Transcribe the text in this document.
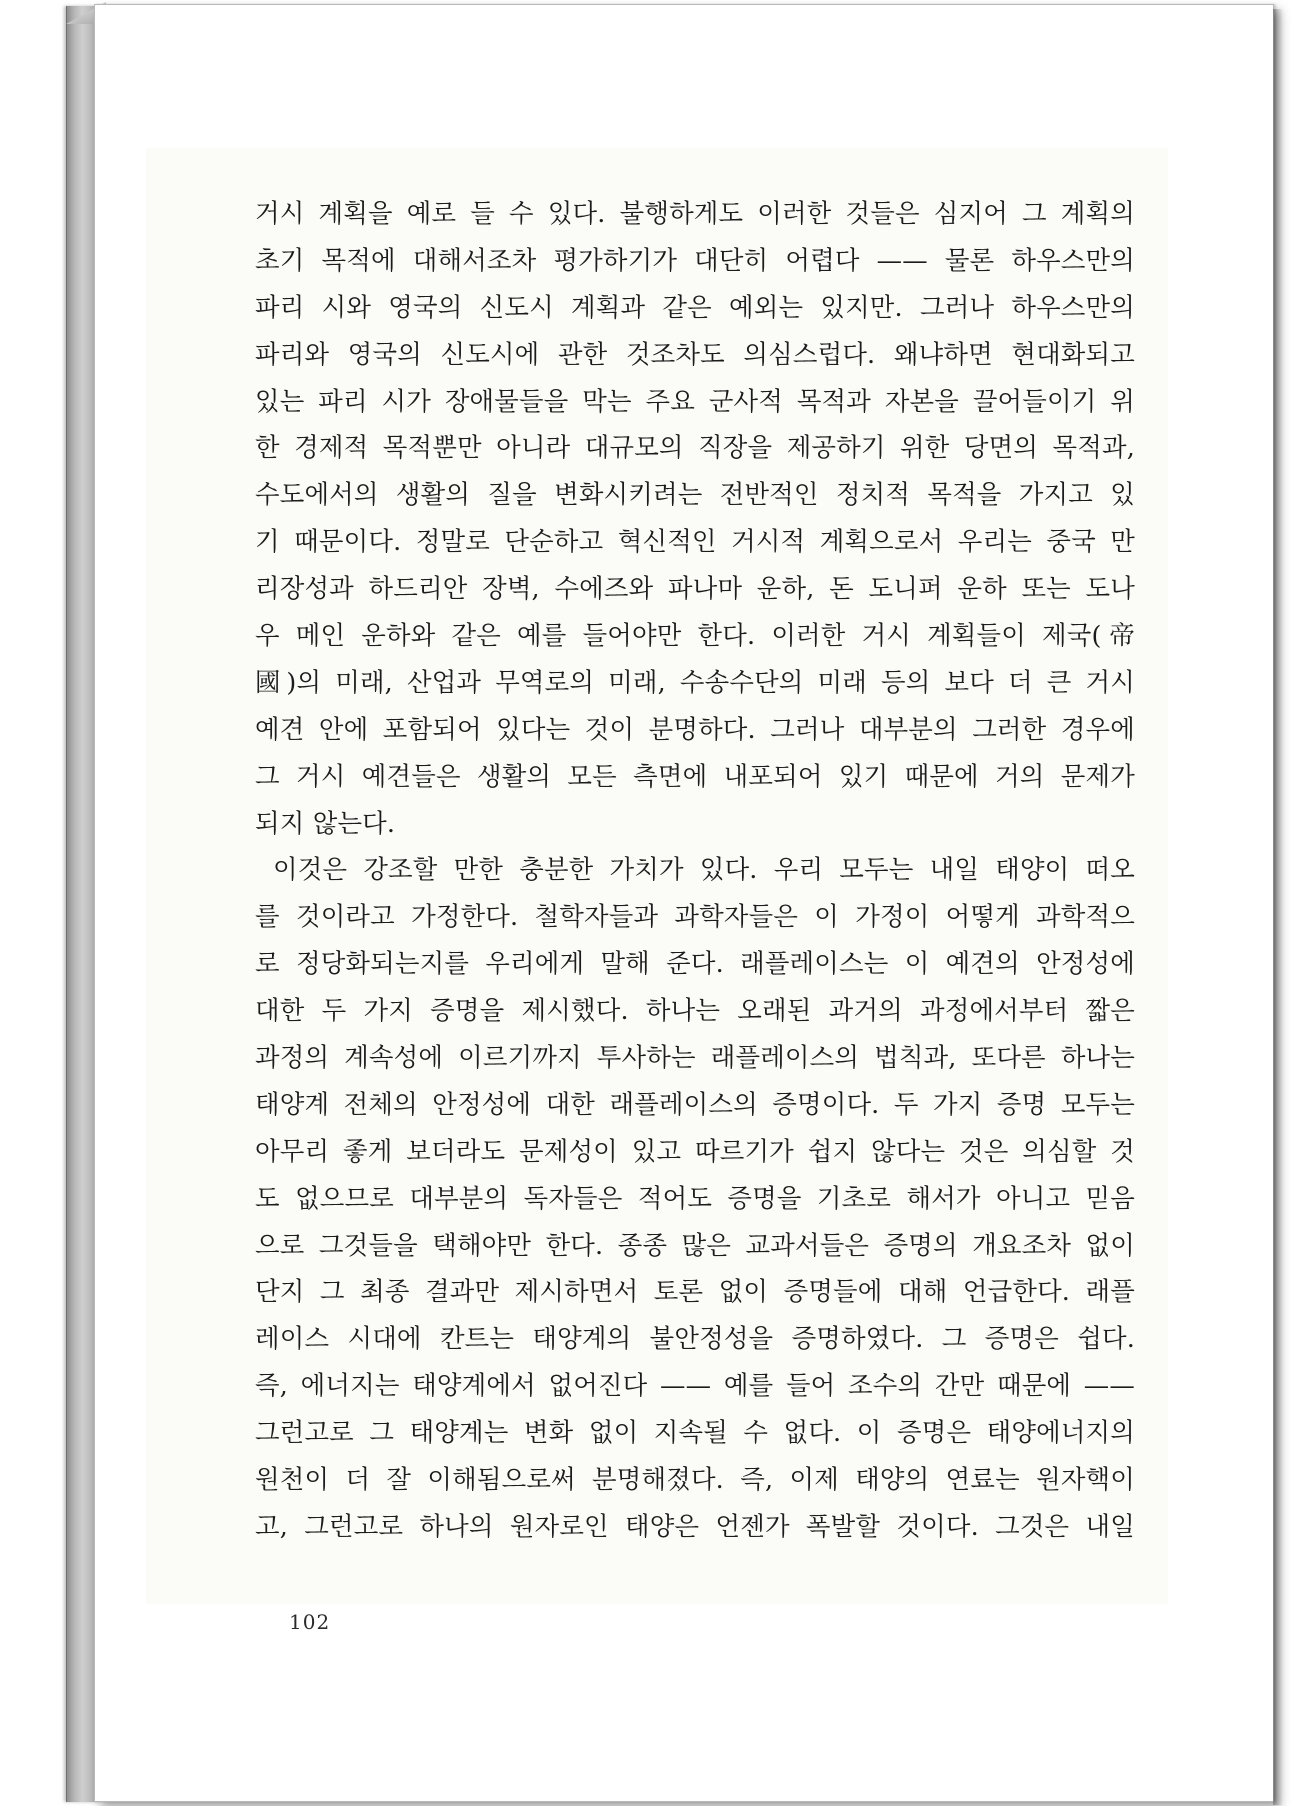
거시 계획을 예로 들 수 있다. 불행하게도 이러한 것들은 심지어 그 계획의
초기 목적에 대해서조차 평가하기가 대단히 어렵다 —— 물론 하우스만의
파리 시와 영국의 신도시 계획과 같은 예외는 있지만. 그러나 하우스만의
파리와 영국의 신도시에 관한 것조차도 의심스럽다. 왜냐하면 현대화되고
있는 파리 시가 장애물들을 막는 주요 군사적 목적과 자본을 끌어들이기 위
한 경제적 목적뿐만 아니라 대규모의 직장을 제공하기 위한 당면의 목적과,
수도에서의 생활의 질을 변화시키려는 전반적인 정치적 목적을 가지고 있
기 때문이다. 정말로 단순하고 혁신적인 거시적 계획으로서 우리는 중국 만
리장성과 하드리안 장벽, 수에즈와 파나마 운하, 돈 도니퍼 운하 또는 도나
우 메인 운하와 같은 예를 들어야만 한다. 이러한 거시 계획들이 제국(帝
國)의 미래, 산업과 무역로의 미래, 수송수단의 미래 등의 보다 더 큰 거시
예견 안에 포함되어 있다는 것이 분명하다. 그러나 대부분의 그러한 경우에
그 거시 예견들은 생활의 모든 측면에 내포되어 있기 때문에 거의 문제가
되지 않는다.
이것은 강조할 만한 충분한 가치가 있다. 우리 모두는 내일 태양이 떠오
를 것이라고 가정한다. 철학자들과 과학자들은 이 가정이 어떻게 과학적으
로 정당화되는지를 우리에게 말해 준다. 래플레이스는 이 예견의 안정성에
대한 두 가지 증명을 제시했다. 하나는 오래된 과거의 과정에서부터 짧은
과정의 계속성에 이르기까지 투사하는 래플레이스의 법칙과, 또다른 하나는
태양계 전체의 안정성에 대한 래플레이스의 증명이다. 두 가지 증명 모두는
아무리 좋게 보더라도 문제성이 있고 따르기가 쉽지 않다는 것은 의심할 것
도 없으므로 대부분의 독자들은 적어도 증명을 기초로 해서가 아니고 믿음
으로 그것들을 택해야만 한다. 종종 많은 교과서들은 증명의 개요조차 없이
단지 그 최종 결과만 제시하면서 토론 없이 증명들에 대해 언급한다. 래플
레이스 시대에 칸트는 태양계의 불안정성을 증명하였다. 그 증명은 쉽다.
즉, 에너지는 태양계에서 없어진다 —— 예를 들어 조수의 간만 때문에 ——
그런고로 그 태양계는 변화 없이 지속될 수 없다. 이 증명은 태양에너지의
원천이 더 잘 이해됨으로써 분명해졌다. 즉, 이제 태양의 연료는 원자핵이
고, 그런고로 하나의 원자로인 태양은 언젠가 폭발할 것이다. 그것은 내일
102
